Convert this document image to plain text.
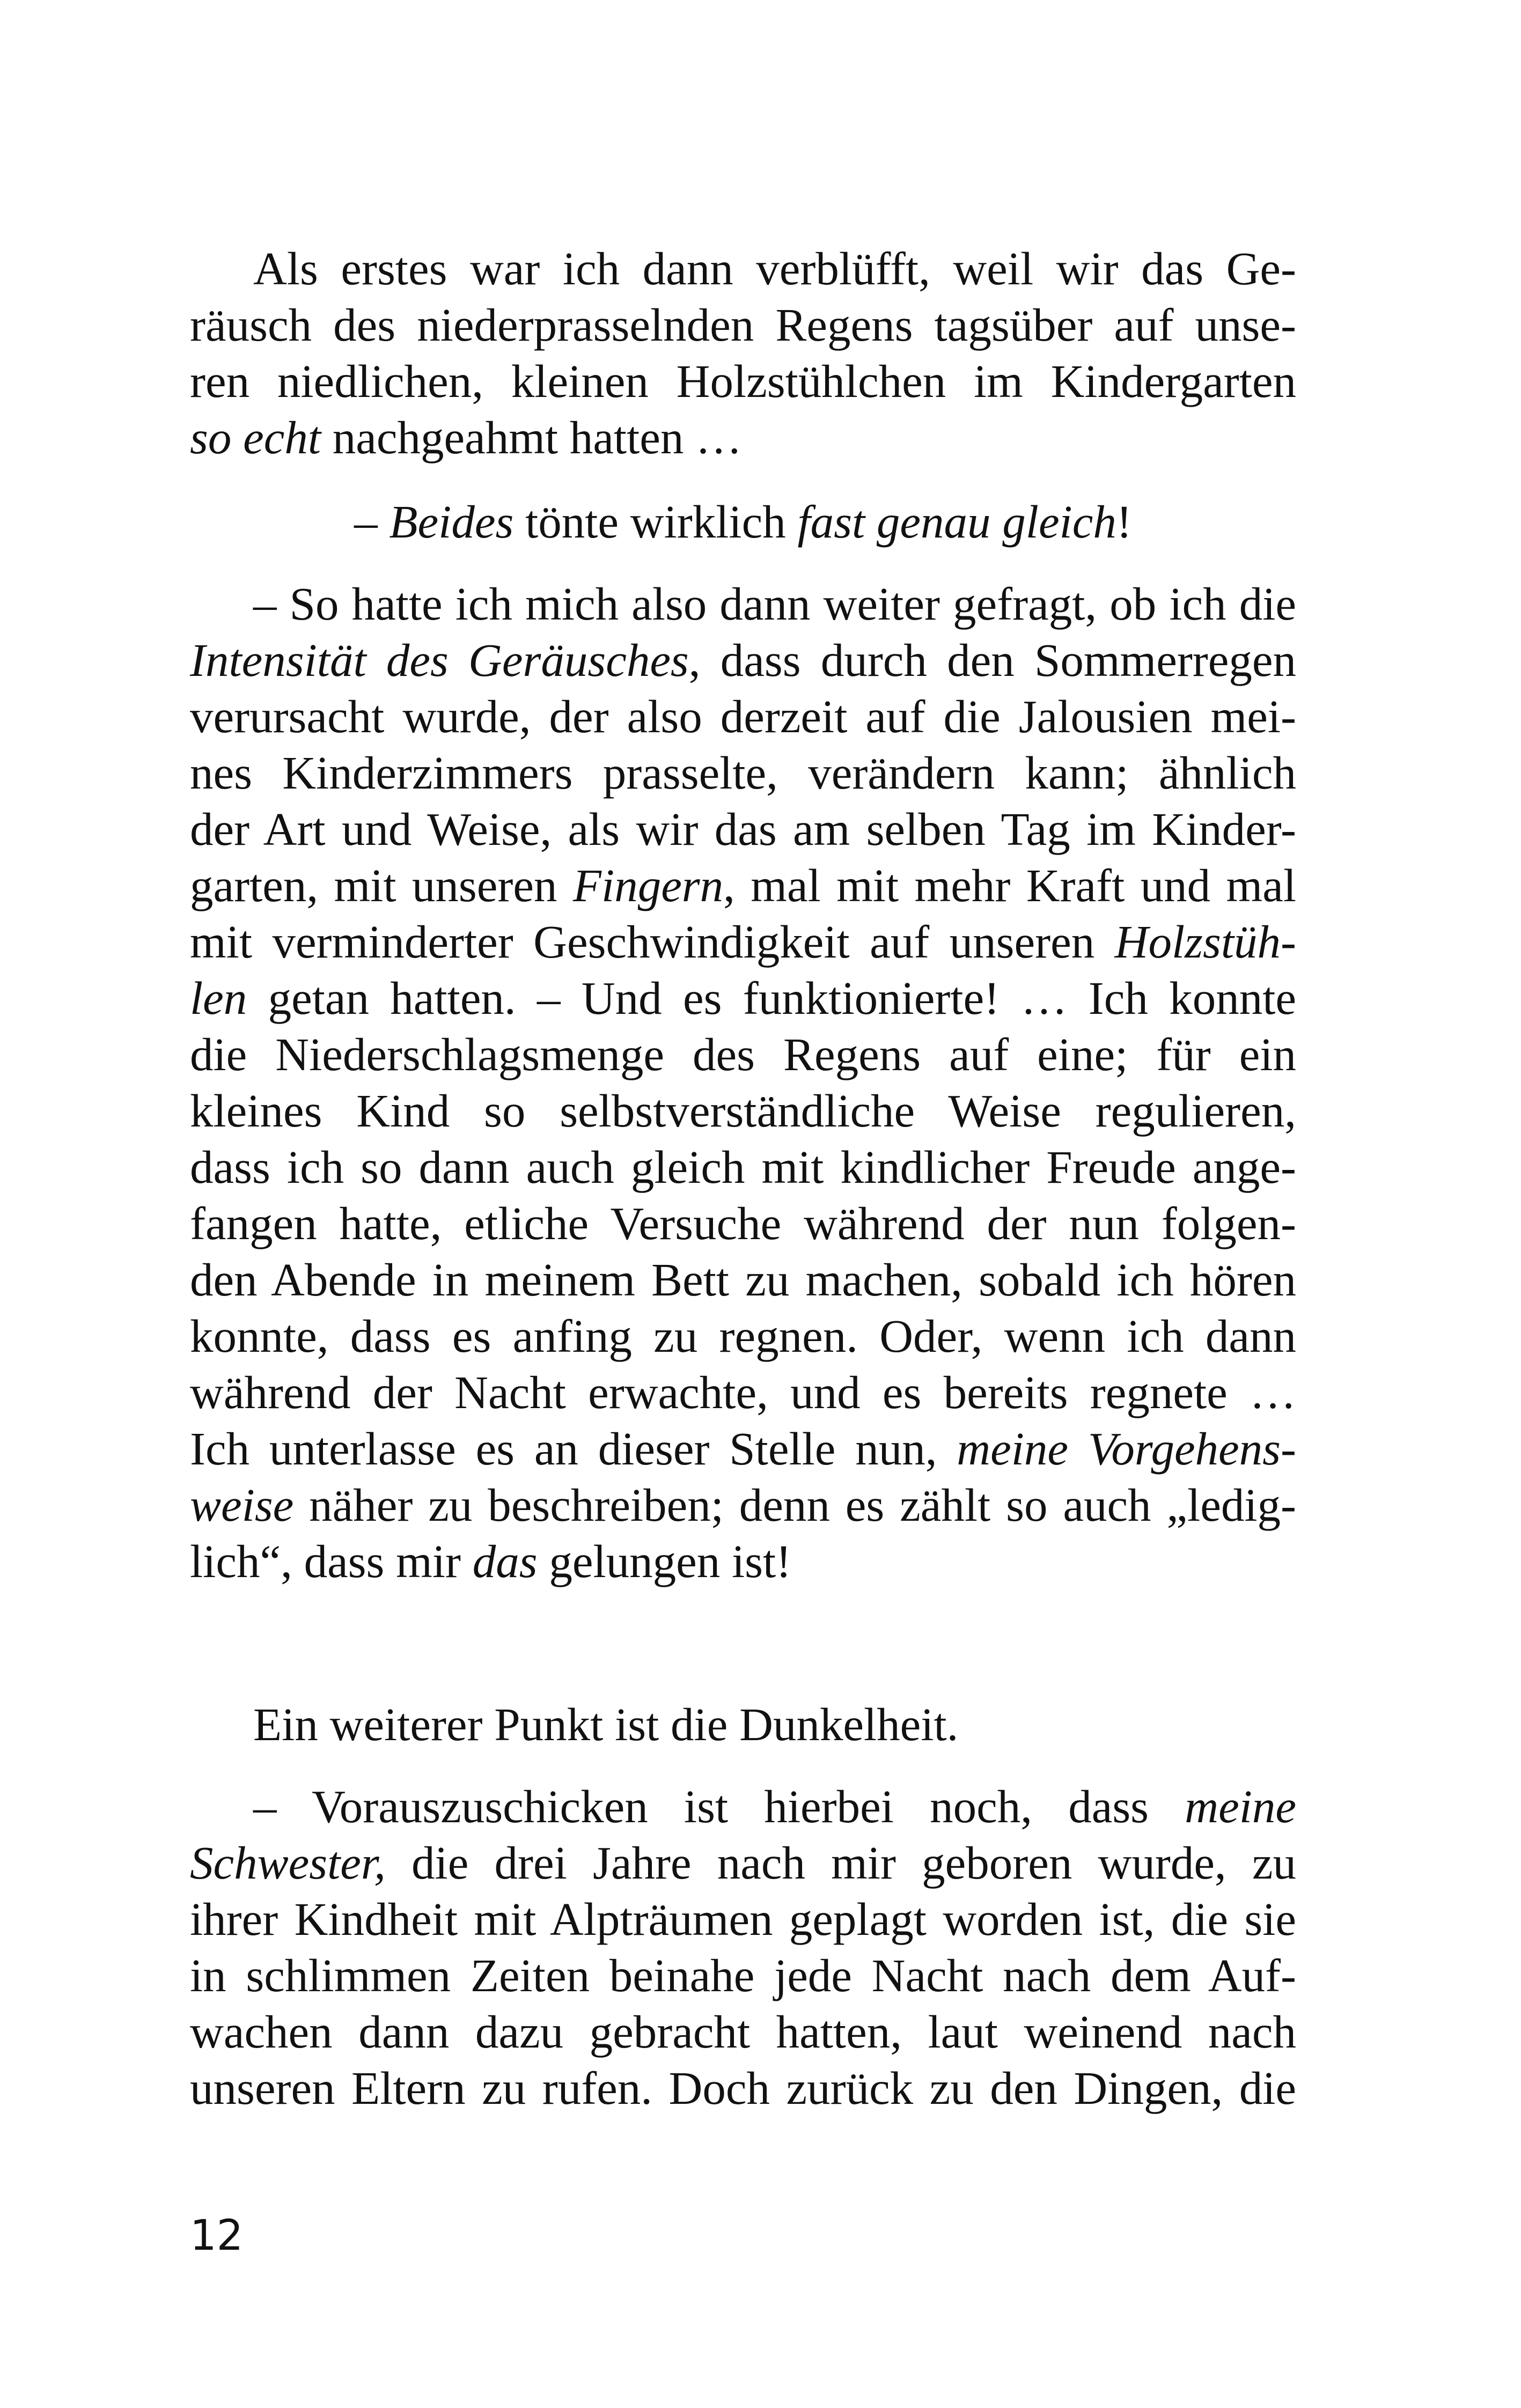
Als erstes war ich dann verblüfft, weil wir das Ge-
räusch des niederprasselnden Regens tagsüber auf unse-
ren niedlichen, kleinen Holzstühlchen im Kindergarten
so echt nachgeahmt hatten …
– Beides tönte wirklich fast genau gleich!
– So hatte ich mich also dann weiter gefragt, ob ich die
Intensität des Geräusches, dass durch den Sommerregen
verursacht wurde, der also derzeit auf die Jalousien mei-
nes Kinderzimmers prasselte, verändern kann; ähnlich
der Art und Weise, als wir das am selben Tag im Kinder-
garten, mit unseren Fingern, mal mit mehr Kraft und mal
mit verminderter Geschwindigkeit auf unseren Holzstüh-
len getan hatten. – Und es funktionierte! … Ich konnte
die Niederschlagsmenge des Regens auf eine; für ein
kleines Kind so selbstverständliche Weise regulieren,
dass ich so dann auch gleich mit kindlicher Freude ange-
fangen hatte, etliche Versuche während der nun folgen-
den Abende in meinem Bett zu machen, sobald ich hören
konnte, dass es anfing zu regnen. Oder, wenn ich dann
während der Nacht erwachte, und es bereits regnete …
Ich unterlasse es an dieser Stelle nun, meine Vorgehens-
weise näher zu beschreiben; denn es zählt so auch „ledig-
lich“, dass mir das gelungen ist!
Ein weiterer Punkt ist die Dunkelheit.
– Vorauszuschicken ist hierbei noch, dass meine
Schwester, die drei Jahre nach mir geboren wurde, zu
ihrer Kindheit mit Alpträumen geplagt worden ist, die sie
in schlimmen Zeiten beinahe jede Nacht nach dem Auf-
wachen dann dazu gebracht hatten, laut weinend nach
unseren Eltern zu rufen. Doch zurück zu den Dingen, die
12
